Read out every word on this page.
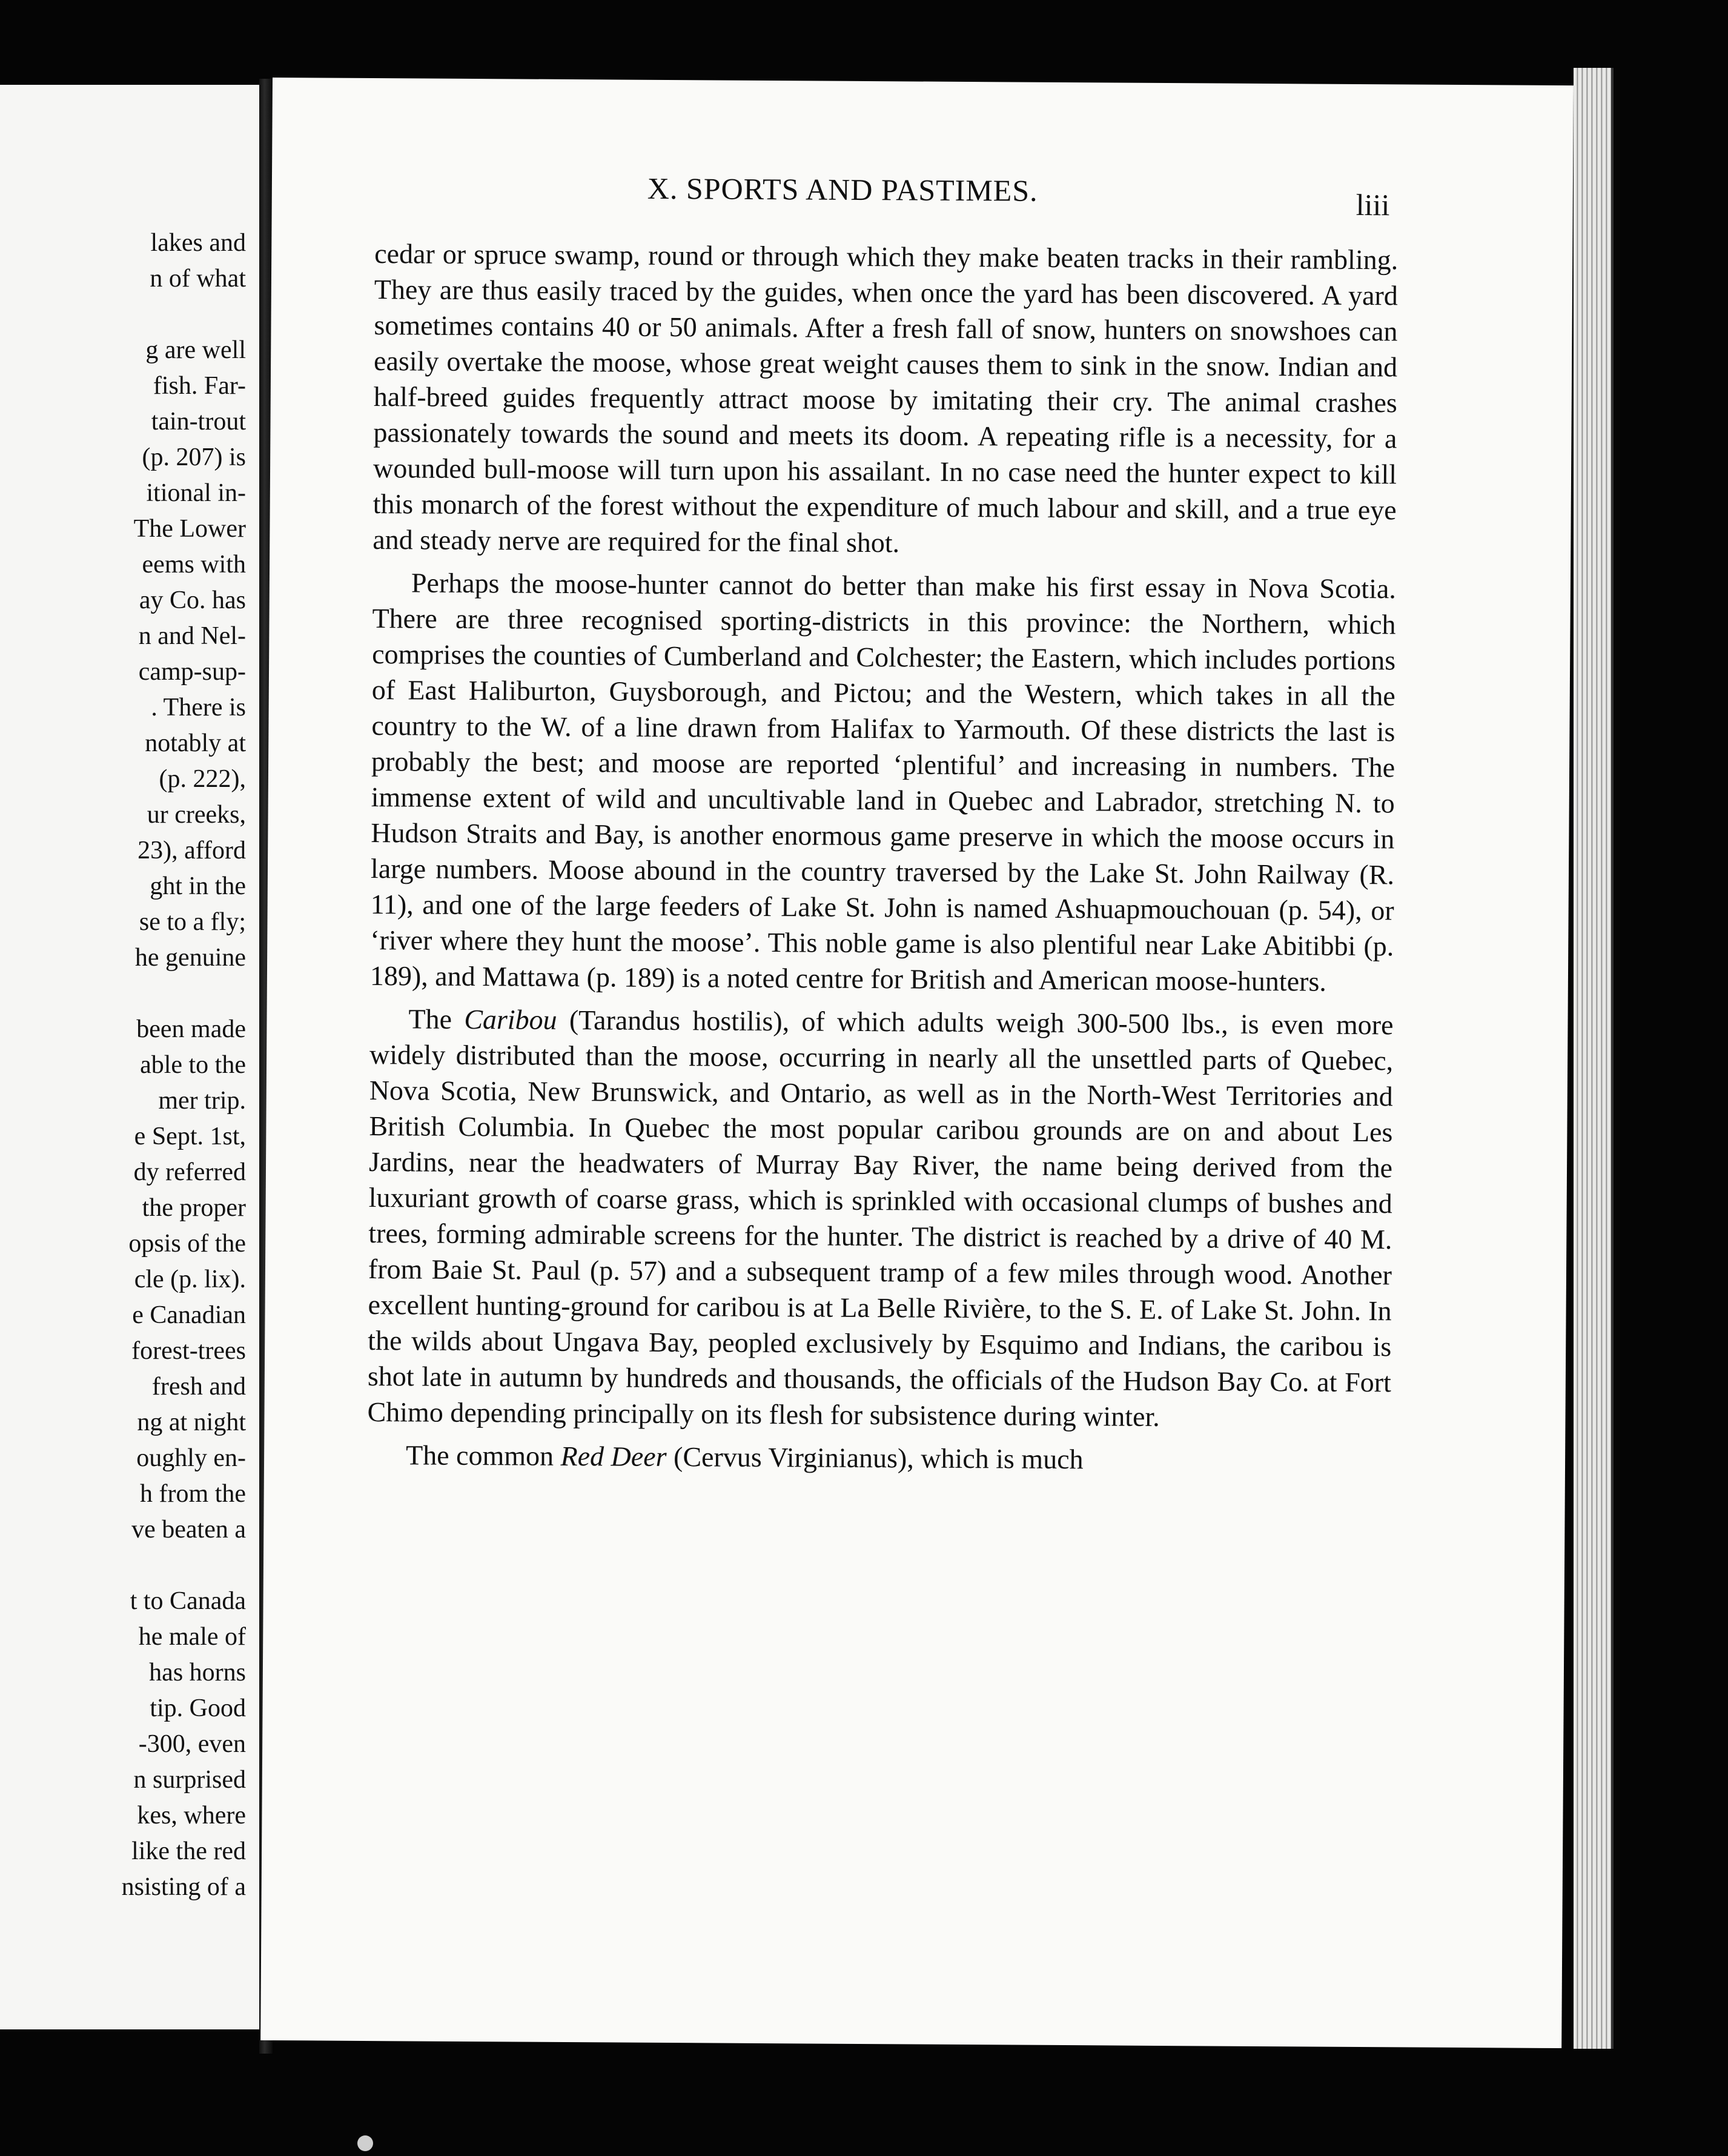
lakes and
n of what
g are well
fish. Far-
tain-trout
(p. 207) is
itional in-
The Lower
eems with
ay Co. has
n and Nel-
camp-sup-
. There is
notably at
(p. 222),
ur creeks,
23), afford
ght in the
se to a fly;
he genuine
been made
able to the
mer trip.
e Sept. 1st,
dy referred
the proper
opsis of the
cle (p. lix).
e Canadian
forest-trees
fresh and
ng at night
oughly en-
h from the
ve beaten a
t to Canada
he male of
has horns
tip. Good
-300, even
n surprised
kes, where
like the red
nsisting of a
X. SPORTS AND PASTIMES.	liii

cedar or spruce swamp, round or through which they make beaten tracks in their rambling. They are thus easily traced by the guides, when once the yard has been discovered. A yard sometimes contains 40 or 50 animals. After a fresh fall of snow, hunters on snowshoes can easily overtake the moose, whose great weight causes them to sink in the snow. Indian and half-breed guides frequently attract moose by imitating their cry. The animal crashes passionately towards the sound and meets its doom. A repeating rifle is a necessity, for a wounded bull-moose will turn upon his assailant. In no case need the hunter expect to kill this monarch of the forest without the expenditure of much labour and skill, and a true eye and steady nerve are required for the final shot.

Perhaps the moose-hunter cannot do better than make his first essay in Nova Scotia. There are three recognised sporting-districts in this province: the Northern, which comprises the counties of Cumberland and Colchester; the Eastern, which includes portions of East Haliburton, Guysborough, and Pictou; and the Western, which takes in all the country to the W. of a line drawn from Halifax to Yarmouth. Of these districts the last is probably the best; and moose are reported ‘plentiful’ and increasing in numbers. The immense extent of wild and uncultivable land in Quebec and Labrador, stretching N. to Hudson Straits and Bay, is another enormous game preserve in which the moose occurs in large numbers. Moose abound in the country traversed by the Lake St. John Railway (R. 11), and one of the large feeders of Lake St. John is named Ashuapmouchouan (p. 54), or ‘river where they hunt the moose’. This noble game is also plentiful near Lake Abitibbi (p. 189), and Mattawa (p. 189) is a noted centre for British and American moose-hunters.

The Caribou (Tarandus hostilis), of which adults weigh 300-500 lbs., is even more widely distributed than the moose, occurring in nearly all the unsettled parts of Quebec, Nova Scotia, New Brunswick, and Ontario, as well as in the North-West Territories and British Columbia. In Quebec the most popular caribou grounds are on and about Les Jardins, near the headwaters of Murray Bay River, the name being derived from the luxuriant growth of coarse grass, which is sprinkled with occasional clumps of bushes and trees, forming admirable screens for the hunter. The district is reached by a drive of 40 M. from Baie St. Paul (p. 57) and a subsequent tramp of a few miles through wood. Another excellent hunting-ground for caribou is at La Belle Rivière, to the S. E. of Lake St. John. In the wilds about Ungava Bay, peopled exclusively by Esquimo and Indians, the caribou is shot late in autumn by hundreds and thousands, the officials of the Hudson Bay Co. at Fort Chimo depending principally on its flesh for subsistence during winter.

The common Red Deer (Cervus Virginianus), which is much
